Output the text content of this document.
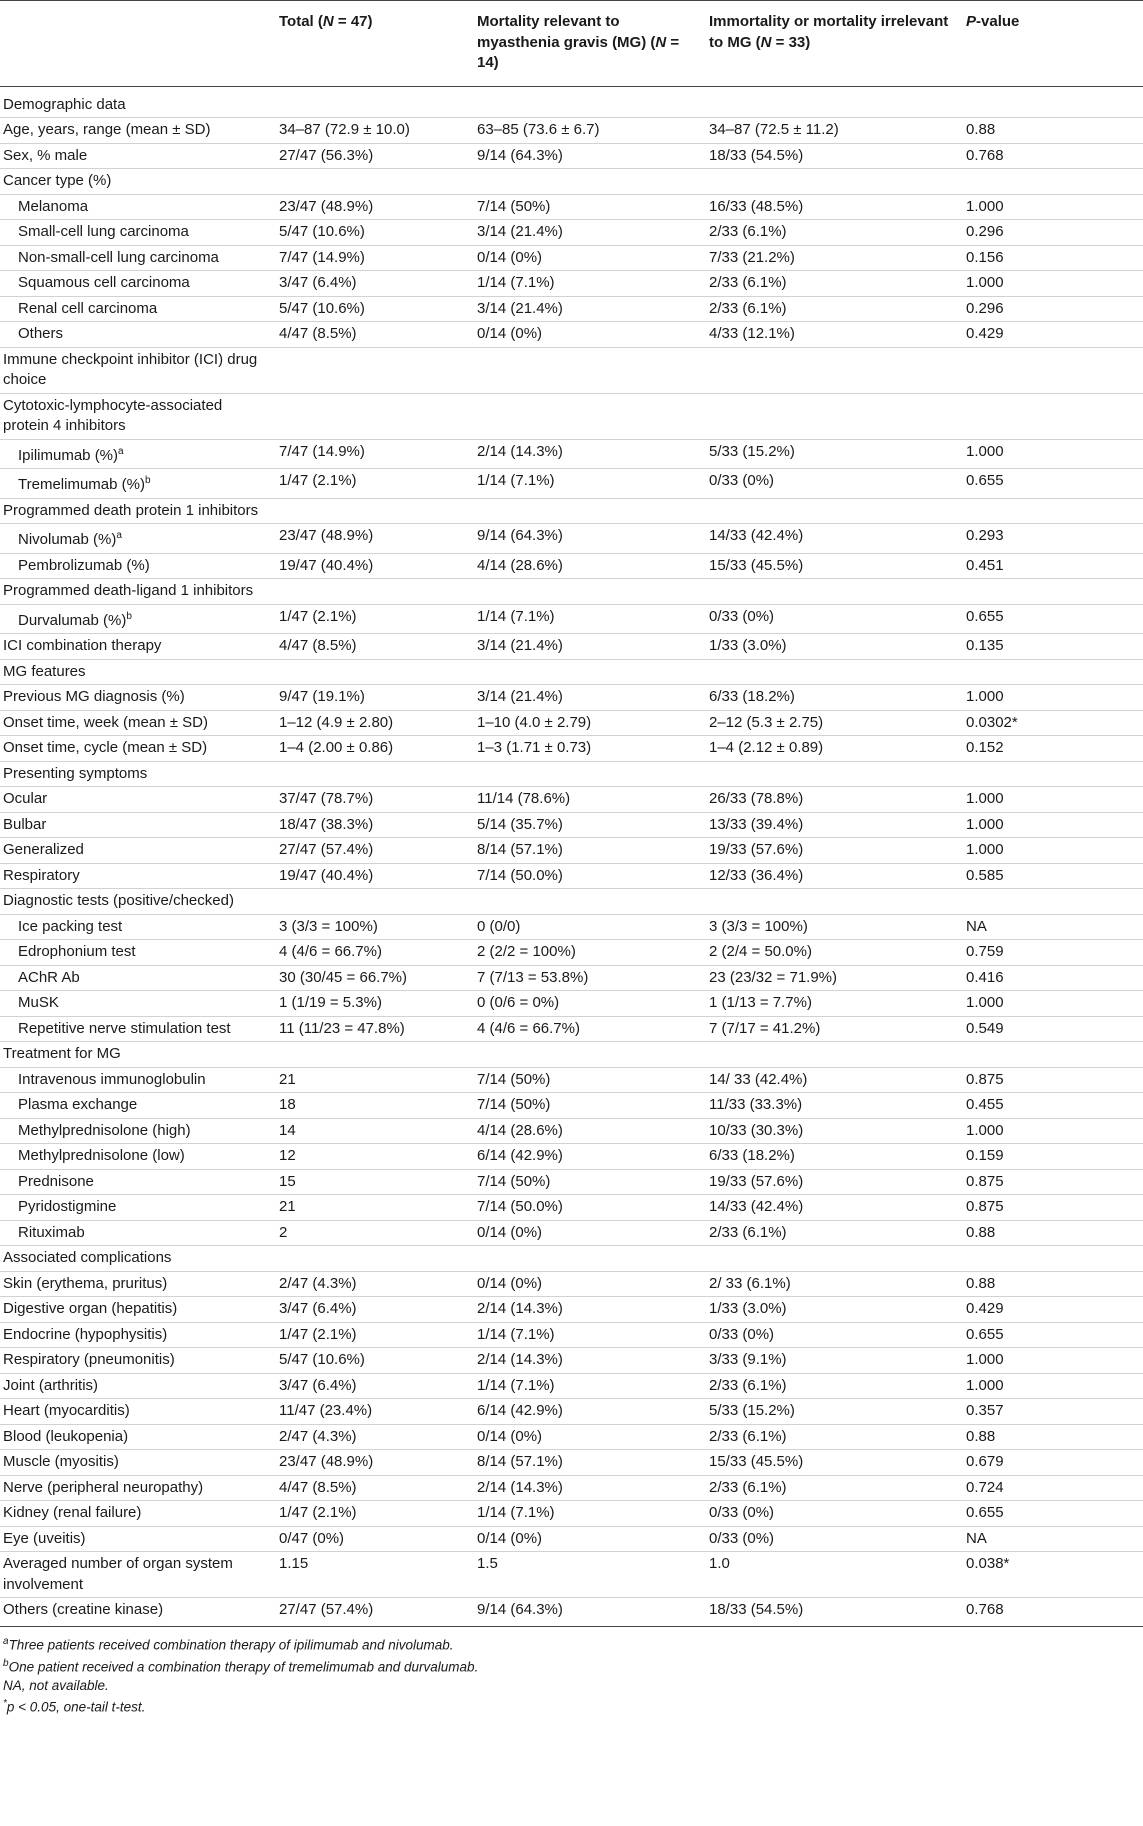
	Total (N = 47)	Mortality relevant to myasthenia gravis (MG) (N = 14)	Immortality or mortality irrelevant to MG (N = 33)	P-value
Demographic data				
Age, years, range (mean ± SD)	34–87 (72.9 ± 10.0)	63–85 (73.6 ± 6.7)	34–87 (72.5 ± 11.2)	0.88
Sex, % male	27/47 (56.3%)	9/14 (64.3%)	18/33 (54.5%)	0.768
Cancer type (%)				
Melanoma	23/47 (48.9%)	7/14 (50%)	16/33 (48.5%)	1.000
Small-cell lung carcinoma	5/47 (10.6%)	3/14 (21.4%)	2/33 (6.1%)	0.296
Non-small-cell lung carcinoma	7/47 (14.9%)	0/14 (0%)	7/33 (21.2%)	0.156
Squamous cell carcinoma	3/47 (6.4%)	1/14 (7.1%)	2/33 (6.1%)	1.000
Renal cell carcinoma	5/47 (10.6%)	3/14 (21.4%)	2/33 (6.1%)	0.296
Others	4/47 (8.5%)	0/14 (0%)	4/33 (12.1%)	0.429
Immune checkpoint inhibitor (ICI) drug choice				
Cytotoxic-lymphocyte-associated protein 4 inhibitors				
Ipilimumab (%)$^a$	7/47 (14.9%)	2/14 (14.3%)	5/33 (15.2%)	1.000
Tremelimumab (%)$^b$	1/47 (2.1%)	1/14 (7.1%)	0/33 (0%)	0.655
Programmed death protein 1 inhibitors				
Nivolumab (%)$^a$	23/47 (48.9%)	9/14 (64.3%)	14/33 (42.4%)	0.293
Pembrolizumab (%)	19/47 (40.4%)	4/14 (28.6%)	15/33 (45.5%)	0.451
Programmed death-ligand 1 inhibitors				
Durvalumab (%)$^b$	1/47 (2.1%)	1/14 (7.1%)	0/33 (0%)	0.655
ICI combination therapy	4/47 (8.5%)	3/14 (21.4%)	1/33 (3.0%)	0.135
MG features				
Previous MG diagnosis (%)	9/47 (19.1%)	3/14 (21.4%)	6/33 (18.2%)	1.000
Onset time, week (mean ± SD)	1–12 (4.9 ± 2.80)	1–10 (4.0 ± 2.79)	2–12 (5.3 ± 2.75)	0.0302*
Onset time, cycle (mean ± SD)	1–4 (2.00 ± 0.86)	1–3 (1.71 ± 0.73)	1–4 (2.12 ± 0.89)	0.152
Presenting symptoms				
Ocular	37/47 (78.7%)	11/14 (78.6%)	26/33 (78.8%)	1.000
Bulbar	18/47 (38.3%)	5/14 (35.7%)	13/33 (39.4%)	1.000
Generalized	27/47 (57.4%)	8/14 (57.1%)	19/33 (57.6%)	1.000
Respiratory	19/47 (40.4%)	7/14 (50.0%)	12/33 (36.4%)	0.585
Diagnostic tests (positive/checked)				
Ice packing test	3 (3/3 = 100%)	0 (0/0)	3 (3/3 = 100%)	NA
Edrophonium test	4 (4/6 = 66.7%)	2 (2/2 = 100%)	2 (2/4 = 50.0%)	0.759
AChR Ab	30 (30/45 = 66.7%)	7 (7/13 = 53.8%)	23 (23/32 = 71.9%)	0.416
MuSK	1 (1/19 = 5.3%)	0 (0/6 = 0%)	1 (1/13 = 7.7%)	1.000
Repetitive nerve stimulation test	11 (11/23 = 47.8%)	4 (4/6 = 66.7%)	7 (7/17 = 41.2%)	0.549
Treatment for MG				
Intravenous immunoglobulin	21	7/14 (50%)	14/ 33 (42.4%)	0.875
Plasma exchange	18	7/14 (50%)	11/33 (33.3%)	0.455
Methylprednisolone (high)	14	4/14 (28.6%)	10/33 (30.3%)	1.000
Methylprednisolone (low)	12	6/14 (42.9%)	6/33 (18.2%)	0.159
Prednisone	15	7/14 (50%)	19/33 (57.6%)	0.875
Pyridostigmine	21	7/14 (50.0%)	14/33 (42.4%)	0.875
Rituximab	2	0/14 (0%)	2/33 (6.1%)	0.88
Associated complications				
Skin (erythema, pruritus)	2/47 (4.3%)	0/14 (0%)	2/ 33 (6.1%)	0.88
Digestive organ (hepatitis)	3/47 (6.4%)	2/14 (14.3%)	1/33 (3.0%)	0.429
Endocrine (hypophysitis)	1/47 (2.1%)	1/14 (7.1%)	0/33 (0%)	0.655
Respiratory (pneumonitis)	5/47 (10.6%)	2/14 (14.3%)	3/33 (9.1%)	1.000
Joint (arthritis)	3/47 (6.4%)	1/14 (7.1%)	2/33 (6.1%)	1.000
Heart (myocarditis)	11/47 (23.4%)	6/14 (42.9%)	5/33 (15.2%)	0.357
Blood (leukopenia)	2/47 (4.3%)	0/14 (0%)	2/33 (6.1%)	0.88
Muscle (myositis)	23/47 (48.9%)	8/14 (57.1%)	15/33 (45.5%)	0.679
Nerve (peripheral neuropathy)	4/47 (8.5%)	2/14 (14.3%)	2/33 (6.1%)	0.724
Kidney (renal failure)	1/47 (2.1%)	1/14 (7.1%)	0/33 (0%)	0.655
Eye (uveitis)	0/47 (0%)	0/14 (0%)	0/33 (0%)	NA
Averaged number of organ system involvement	1.15	1.5	1.0	0.038*
Others (creatine kinase)	27/47 (57.4%)	9/14 (64.3%)	18/33 (54.5%)	0.768
$^a$Three patients received combination therapy of ipilimumab and nivolumab.
$^b$One patient received a combination therapy of tremelimumab and durvalumab.
NA, not available.
*p < 0.05, one-tail t-test.
